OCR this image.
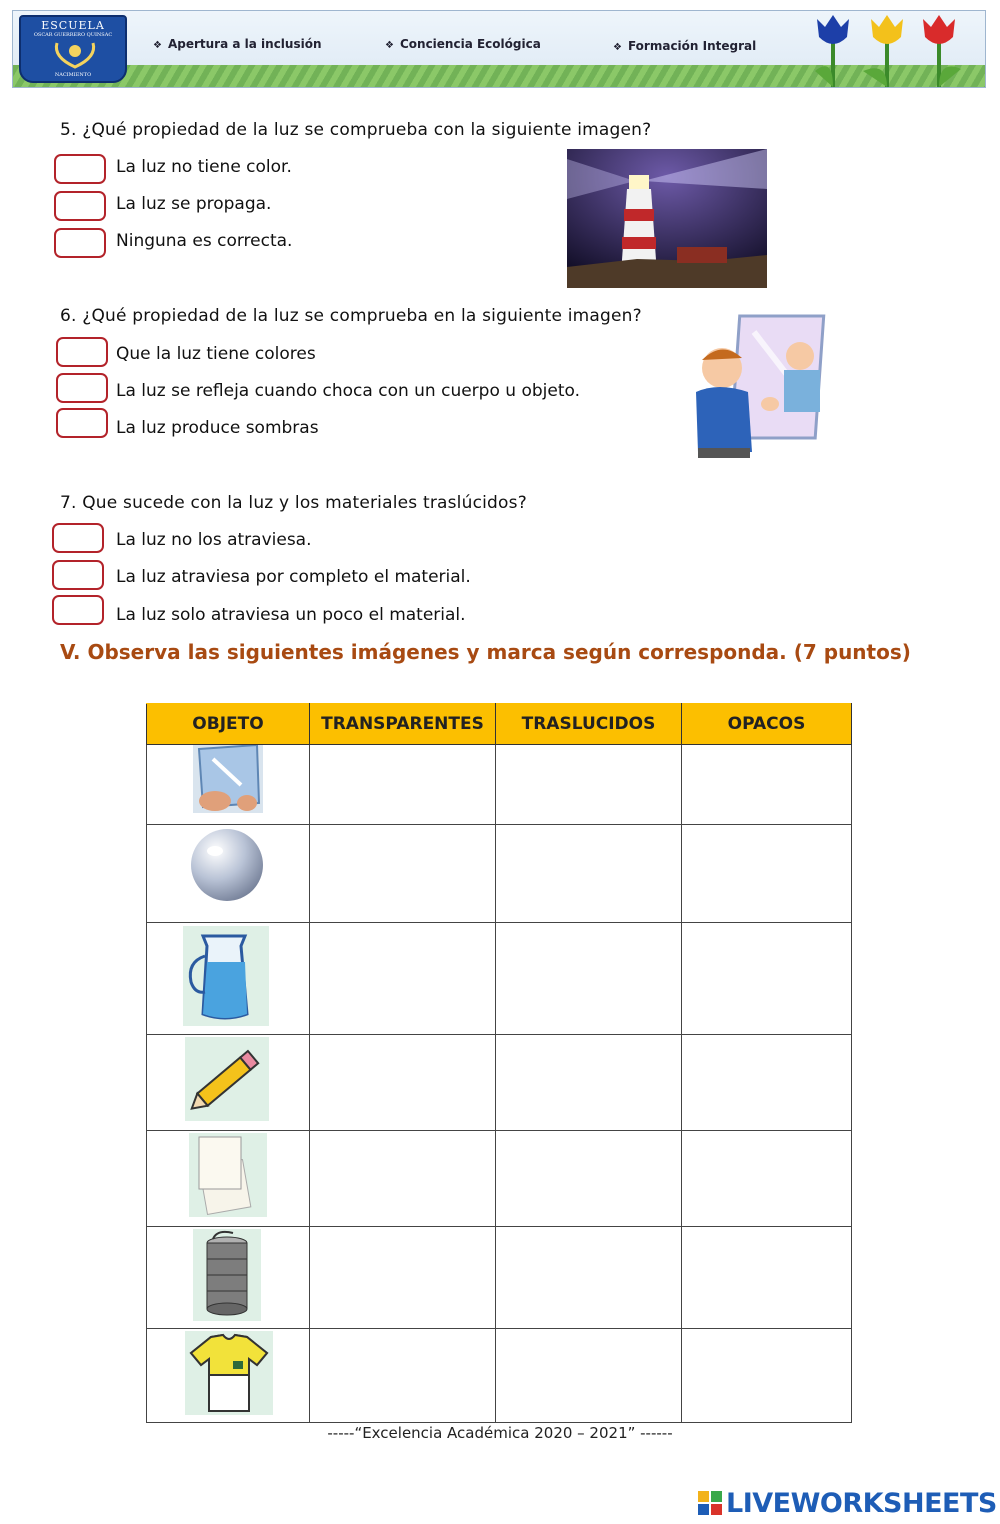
ESCUELA
OSCAR GUERRERO QUINSAC
NACIMIENTO
❖ Apertura a la inclusión	❖ Conciencia Ecológica	❖ Formación Integral
5. ¿Qué propiedad de la luz se comprueba con la siguiente imagen?
La luz no tiene color.
La luz se propaga.
Ninguna es correcta.
6. ¿Qué propiedad de la luz se comprueba en la siguiente imagen?
Que la luz tiene colores
La luz se refleja cuando choca con un cuerpo u objeto.
La luz produce sombras
7. Que sucede con la luz y los materiales traslúcidos?
La luz no los atraviesa.
La luz atraviesa por completo el material.
La luz solo atraviesa un poco el material.
V. Observa las siguientes imágenes y marca según corresponda. (7 puntos)
OBJETO	TRANSPARENTES	TRASLUCIDOS	OPACOS

-----“Excelencia Académica 2020 – 2021” ------
LIVEWORKSHEETS
